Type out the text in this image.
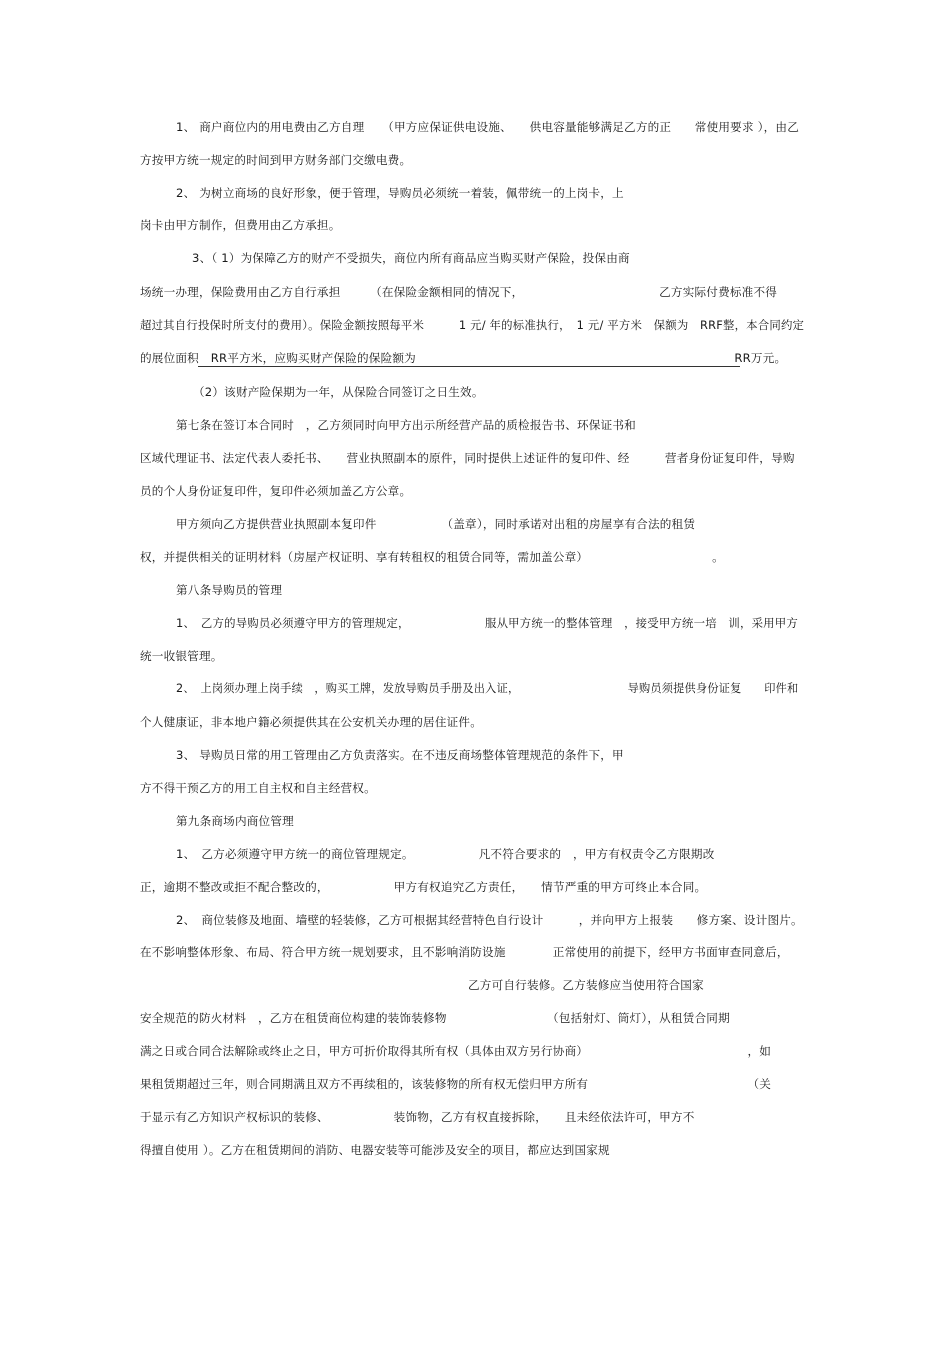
1、 商户商位内的用电费由乙方自理　　（甲方应保证供电设施、　　供电容量能够满足乙方的正　　常使用要求 ），由乙
方按甲方统一规定的时间到甲方财务部门交缴电费。
2、 为树立商场的良好形象，便于管理，导购员必须统一着装，佩带统一的上岗卡，上
岗卡由甲方制作，但费用由乙方承担。
3、（ 1）为保障乙方的财产不受损失，商位内所有商品应当购买财产保险，投保由商
场统一办理，保险费用由乙方自行承担　　　（在保险金额相同的情况下，　　　　　　　　　　　　乙方实际付费标准不得
超过其自行投保时所支付的费用）。保险金额按照每平米　　　1 元/ 年的标准执行，　1 元/ 平方米　保额为　RRF整，本合同约定
的展位面积　RR平方米，应购买财产保险的保险额为　　　　　　　　　　　　　　　　　　　　　　　　　　　RR万元。
（2）该财产险保期为一年，从保险合同签订之日生效。
第七条在签订本合同时　，乙方须同时向甲方出示所经营产品的质检报告书、环保证书和
区域代理证书、法定代表人委托书、　　营业执照副本的原件，同时提供上述证件的复印件、经　　　营者身份证复印件，导购
员的个人身份证复印件，复印件必须加盖乙方公章。
甲方须向乙方提供营业执照副本复印件　　　　　　（盖章），同时承诺对出租的房屋享有合法的租赁
权，并提供相关的证明材料（房屋产权证明、享有转租权的租赁合同等，需加盖公章）　　　　　　　　　　　。
第八条导购员的管理
1、　乙方的导购员必须遵守甲方的管理规定，　　　　　　　服从甲方统一的整体管理　，接受甲方统一培　训，采用甲方
统一收银管理。
2、　上岗须办理上岗手续　，购买工牌，发放导购员手册及出入证，　　　　　　　　　　导购员须提供身份证复　　印件和
个人健康证，非本地户籍必须提供其在公安机关办理的居住证件。
3、 导购员日常的用工管理由乙方负责落实。在不违反商场整体管理规范的条件下，甲
方不得干预乙方的用工自主权和自主经营权。
第九条商场内商位管理
1、　乙方必须遵守甲方统一的商位管理规定。　　　　　　凡不符合要求的　，甲方有权责令乙方限期改
正，逾期不整改或拒不配合整改的，　　　　　　甲方有权追究乙方责任，　　情节严重的甲方可终止本合同。
2、　商位装修及地面、墙壁的轻装修，乙方可根据其经营特色自行设计　　　，并向甲方上报装　　修方案、设计图片。
在不影响整体形象、布局、符合甲方统一规划要求，且不影响消防设施　　　　正常使用的前提下，经甲方书面审查同意后，
乙方可自行装修。乙方装修应当使用符合国家
安全规范的防火材料　，乙方在租赁商位构建的装饰装修物　　　　　　　　　（包括射灯、筒灯），从租赁合同期
满之日或合同合法解除或终止之日，甲方可折价取得其所有权（具体由双方另行协商）　　　　　　　　　　　　　　，如
果租赁期超过三年，则合同期满且双方不再续租的，该装修物的所有权无偿归甲方所有　　　　　　　　　　　　　　（关
于显示有乙方知识产权标识的装修、　　　　　　装饰物，乙方有权直接拆除，　　且未经依法许可，甲方不
得擅自使用 ）。乙方在租赁期间的消防、电器安装等可能涉及安全的项目，都应达到国家规
